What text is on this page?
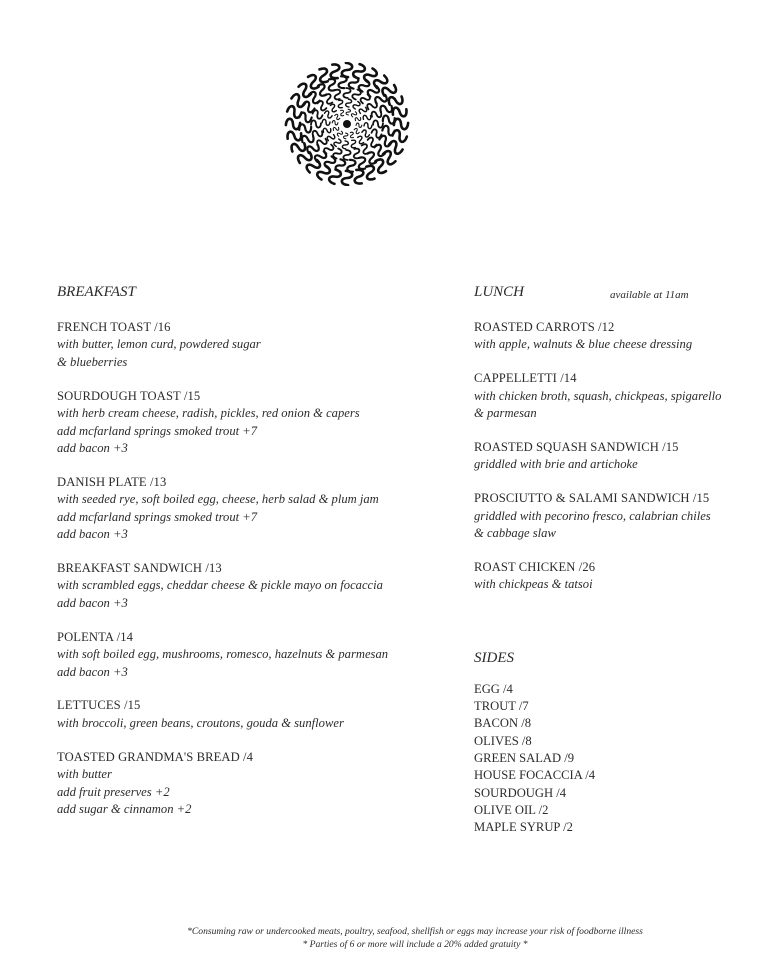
BREAKFAST
FRENCH TOAST /16
with butter, lemon curd, powdered sugar
& blueberries
SOURDOUGH TOAST /15
with herb cream cheese, radish, pickles, red onion & capers
add mcfarland springs smoked trout +7
add bacon +3
DANISH PLATE /13
with seeded rye, soft boiled egg, cheese, herb salad & plum jam
add mcfarland springs smoked trout +7
add bacon +3
BREAKFAST SANDWICH /13
with scrambled eggs, cheddar cheese & pickle mayo on focaccia
add bacon +3
POLENTA /14
with soft boiled egg, mushrooms, romesco, hazelnuts & parmesan
add bacon +3
LETTUCES /15
with broccoli, green beans, croutons, gouda & sunflower
TOASTED GRANDMA'S BREAD /4
with butter
add fruit preserves +2
add sugar & cinnamon +2
LUNCH	available at 11am
ROASTED CARROTS /12
with apple, walnuts & blue cheese dressing
CAPPELLETTI /14
with chicken broth, squash, chickpeas, spigarello
& parmesan
ROASTED SQUASH SANDWICH /15
griddled with brie and artichoke
PROSCIUTTO & SALAMI SANDWICH /15
griddled with pecorino fresco, calabrian chiles
& cabbage slaw
ROAST CHICKEN /26
with chickpeas & tatsoi
SIDES
EGG /4
TROUT /7
BACON /8
OLIVES /8
GREEN SALAD /9
HOUSE FOCACCIA /4
SOURDOUGH /4
OLIVE OIL /2
MAPLE SYRUP /2
*Consuming raw or undercooked meats, poultry, seafood, shellfish or eggs may increase your risk of foodborne illness
* Parties of 6 or more will include a 20% added gratuity *
